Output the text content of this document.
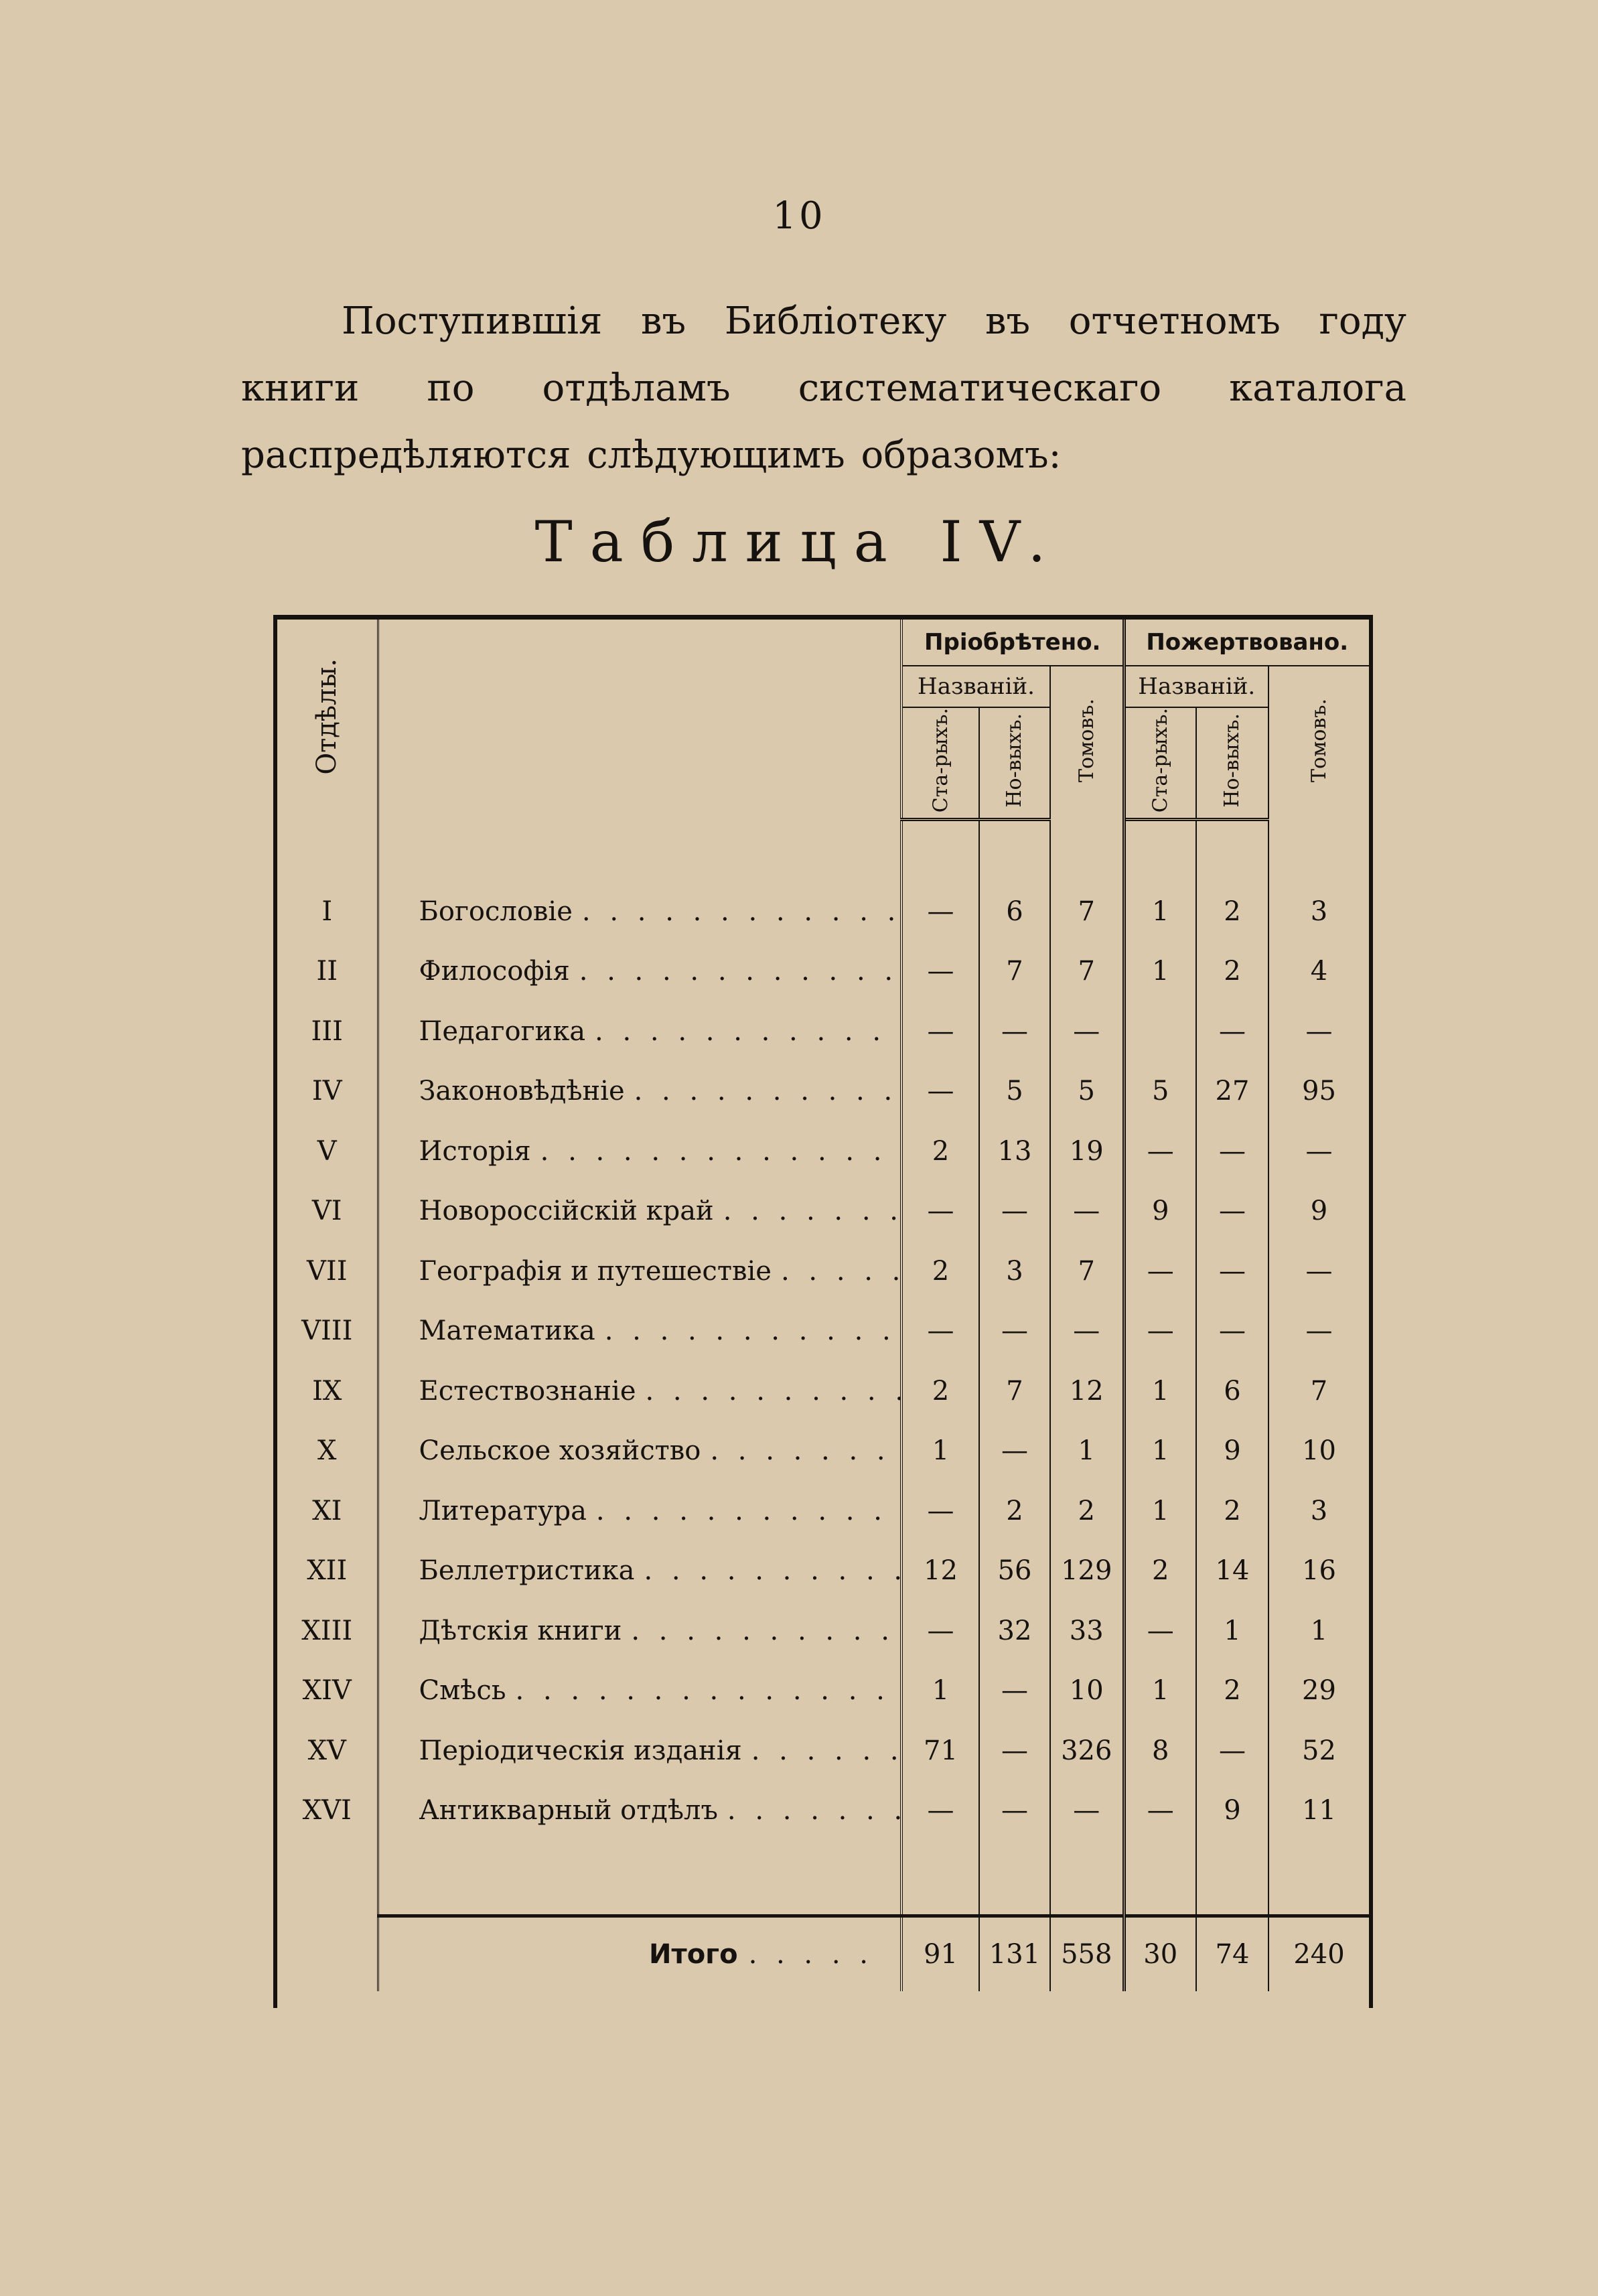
10

Поступившія въ Библіотеку въ отчетномъ году книги по отдѣламъ систематическаго каталога распредѣляются слѣдующимъ образомъ:

Таблица IV.
Отдѣлы.		Пріобрѣтено.			Пожертвовано.		
		Названій.		Томовъ.	Названій.		Томовъ.
		Ста-рыхъ.	Но-выхъ.		Ста-рыхъ.	Но-выхъ.	

I	Богословіе . . .	—	6	7	1	2	3
II	Философія . . .	—	7	7	1	2	4
III	Педагогика . . .	—	—	—		—	—
IV	Законовѣдѣніе . . .	—	5	5	5	27	95
V	Исторія . . .	2	13	19	—	—	—
VI	Новороссійскій край . . .	—	—	—	9	—	9
VII	Географія и путешествіе . . .	2	3	7	—	—	—
VIII	Математика . . .	—	—	—	—	—	—
IX	Естествознаніе . . .	2	7	12	1	6	7
X	Сельское хозяйство . . .	1	—	1	1	9	10
XI	Литература . . .	—	2	2	1	2	3
XII	Беллетристика . . .	12	56	129	2	14	16
XIII	Дѣтскія книги . . .	—	32	33	—	1	1
XIV	Смѣсь . . .	1	—	10	1	2	29
XV	Періодическія изданія . . .	71	—	326	8	—	52
XVI	Антикварный отдѣлъ . . .	—	—	—	—	9	11

	Итого . . . . .	91	131	558	30	74	240
